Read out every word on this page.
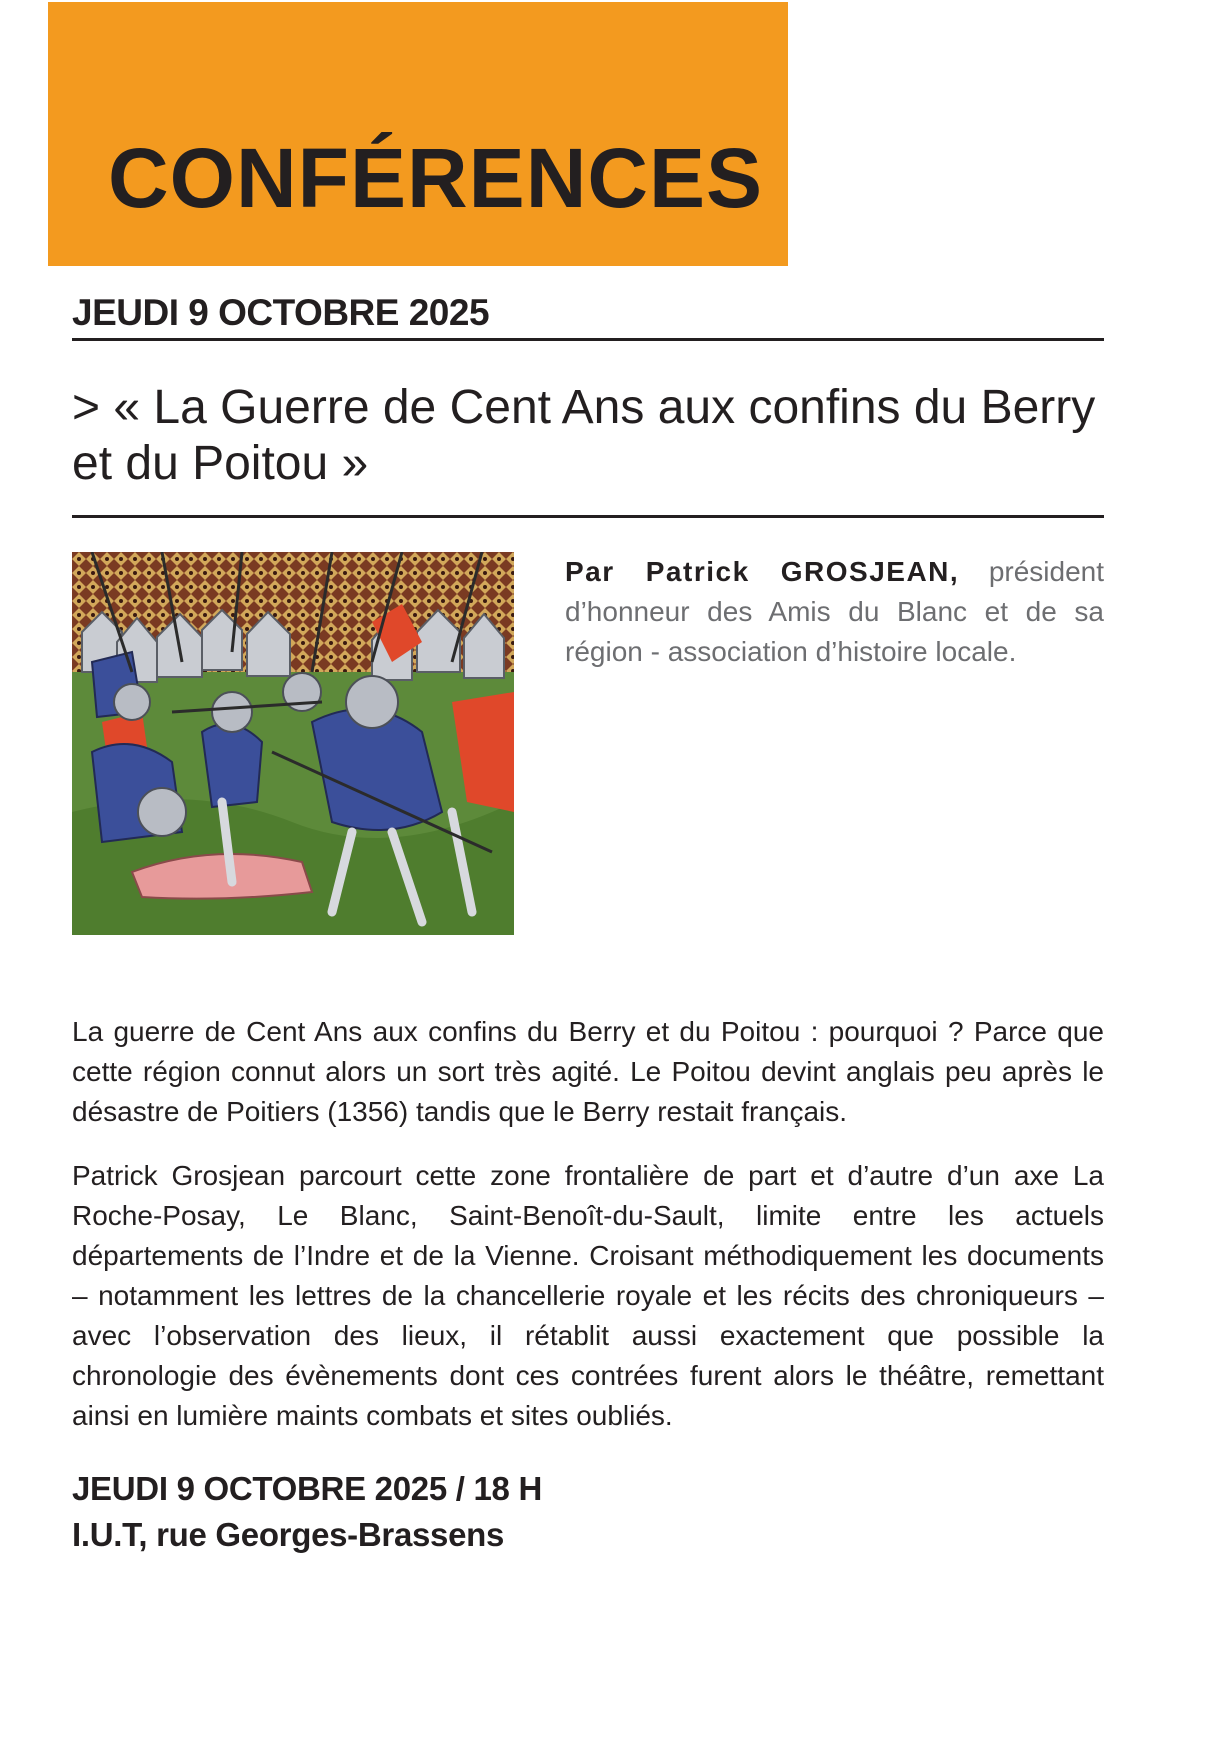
CONFÉRENCES
JEUDI 9 OCTOBRE 2025
> « La Guerre de Cent Ans aux confins du Berry et du Poitou »
Par Patrick GROSJEAN, président d’honneur des Amis du Blanc et de sa région - association d’histoire locale.
La guerre de Cent Ans aux confins du Berry et du Poitou : pourquoi ? Parce que cette région connut alors un sort très agité. Le Poitou devint anglais peu après le désastre de Poitiers (1356) tandis que le Berry restait français.
Patrick Grosjean parcourt cette zone frontalière de part et d’autre d’un axe La Roche-Posay, Le Blanc, Saint-Benoît-du-Sault, limite entre les actuels départements de l’Indre et de la Vienne. Croisant méthodiquement les documents – notamment les lettres de la chancellerie royale et les récits des chroniqueurs – avec l’observation des lieux, il rétablit aussi exactement que possible la chronologie des évènements dont ces contrées furent alors le théâtre, remettant ainsi en lumière maints combats et sites oubliés.
JEUDI 9 OCTOBRE 2025 / 18 H
I.U.T, rue Georges-Brassens
